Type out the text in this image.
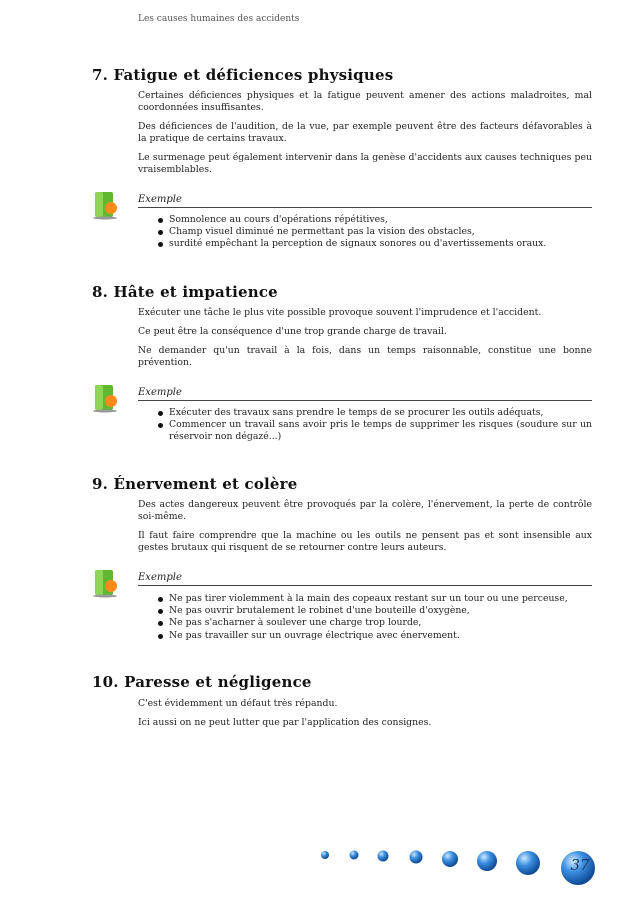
Les causes humaines des accidents
7. Fatigue et déficiences physiques

Certaines déficiences physiques et la fatigue peuvent amener des actions maladroites, mal coordonnées insuffisantes.

Des déficiences de l'audition, de la vue, par exemple peuvent être des facteurs défavorables à la pratique de certains travaux.

Le surmenage peut également intervenir dans la genèse d'accidents aux causes techniques peu vraisemblables.

Exemple
Somnolence au cours d'opérations répétitives,
Champ visuel diminué ne permettant pas la vision des obstacles,
surdité empêchant la perception de signaux sonores ou d'avertissements oraux.
8. Hâte et impatience

Exécuter une tâche le plus vite possible provoque souvent l'imprudence et l'accident.

Ce peut être la conséquence d'une trop grande charge de travail.

Ne demander qu'un travail à la fois, dans un temps raisonnable, constitue une bonne prévention.

Exemple
Exécuter des travaux sans prendre le temps de se procurer les outils adéquats,
Commencer un travail sans avoir pris le temps de supprimer les risques (soudure sur un réservoir non dégazé...)
9. Énervement et colère

Des actes dangereux peuvent être provoqués par la colère, l'énervement, la perte de contrôle soi-même.

Il faut faire comprendre que la machine ou les outils ne pensent pas et sont insensible aux gestes brutaux qui risquent de se retourner contre leurs auteurs.

Exemple
Ne pas tirer violemment à la main des copeaux restant sur un tour ou une perceuse,
Ne pas ouvrir brutalement le robinet d'une bouteille d'oxygène,
Ne pas s'acharner à soulever une charge trop lourde,
Ne pas travailler sur un ouvrage électrique avec énervement.
10. Paresse et négligence

C'est évidemment un défaut très répandu.

Ici aussi on ne peut lutter que par l'application des consignes.

37
